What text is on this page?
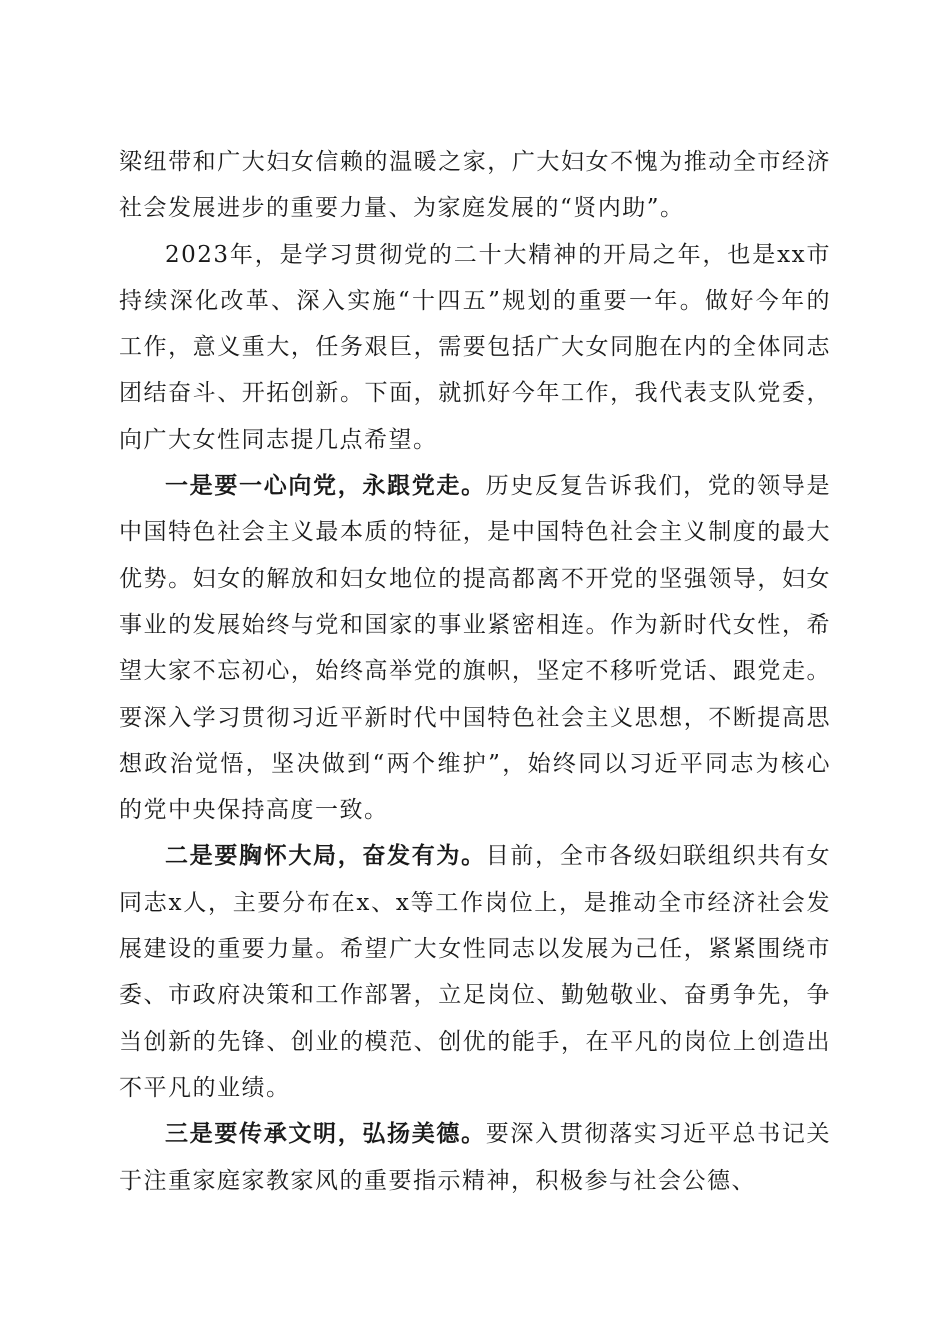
梁纽带和广大妇女信赖的温暖之家，广大妇女不愧为推动全市经济社会发展进步的重要力量、为家庭发展的“贤内助”。

2023年，是学习贯彻党的二十大精神的开局之年，也是xx市持续深化改革、深入实施“十四五”规划的重要一年。做好今年的工作，意义重大，任务艰巨，需要包括广大女同胞在内的全体同志团结奋斗、开拓创新。下面，就抓好今年工作，我代表支队党委，向广大女性同志提几点希望。

一是要一心向党，永跟党走。历史反复告诉我们，党的领导是中国特色社会主义最本质的特征，是中国特色社会主义制度的最大优势。妇女的解放和妇女地位的提高都离不开党的坚强领导，妇女事业的发展始终与党和国家的事业紧密相连。作为新时代女性，希望大家不忘初心，始终高举党的旗帜，坚定不移听党话、跟党走。要深入学习贯彻习近平新时代中国特色社会主义思想，不断提高思想政治觉悟，坚决做到“两个维护”，始终同以习近平同志为核心的党中央保持高度一致。

二是要胸怀大局，奋发有为。目前，全市各级妇联组织共有女同志x人，主要分布在x、x等工作岗位上，是推动全市经济社会发展建设的重要力量。希望广大女性同志以发展为己任，紧紧围绕市委、市政府决策和工作部署，立足岗位、勤勉敬业、奋勇争先，争当创新的先锋、创业的模范、创优的能手，在平凡的岗位上创造出不平凡的业绩。

三是要传承文明，弘扬美德。要深入贯彻落实习近平总书记关于注重家庭家教家风的重要指示精神，积极参与社会公德、
